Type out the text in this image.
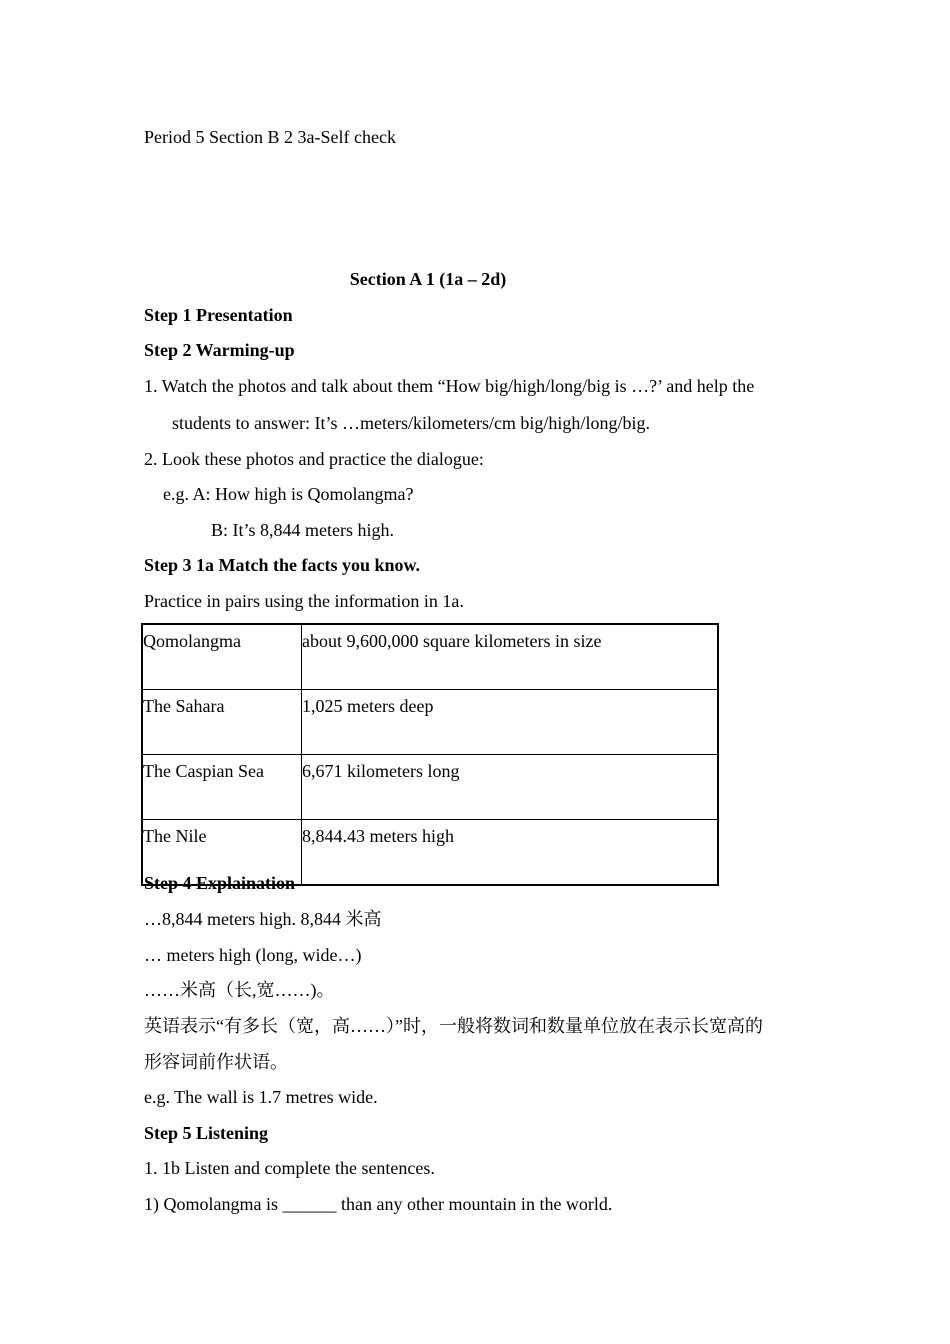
Period 5 Section B 2 3a-Self check
Section A 1 (1a – 2d)
Step 1 Presentation
Step 2 Warming-up
1. Watch the photos and talk about them “How big/high/long/big is …?’ and help the
students to answer: It’s …meters/kilometers/cm big/high/long/big.
2. Look these photos and practice the dialogue:
e.g. A: How high is Qomolangma?
B: It’s 8,844 meters high.
Step 3 1a Match the facts you know.
Practice in pairs using the information in 1a.
Qomolangma	about 9,600,000 square kilometers in size
The Sahara	1,025 meters deep
The Caspian Sea	6,671 kilometers long
The Nile	8,844.43 meters high
Step 4 Explaination
…8,844 meters high. 8,844 米高
… meters high (long, wide…)
……米高（长,宽……)。
英语表示“有多长（宽，高……）”时，一般将数词和数量单位放在表示长宽高的
形容词前作状语。
e.g. The wall is 1.7 metres wide.
Step 5 Listening
1. 1b Listen and complete the sentences.
1) Qomolangma is ______ than any other mountain in the world.
